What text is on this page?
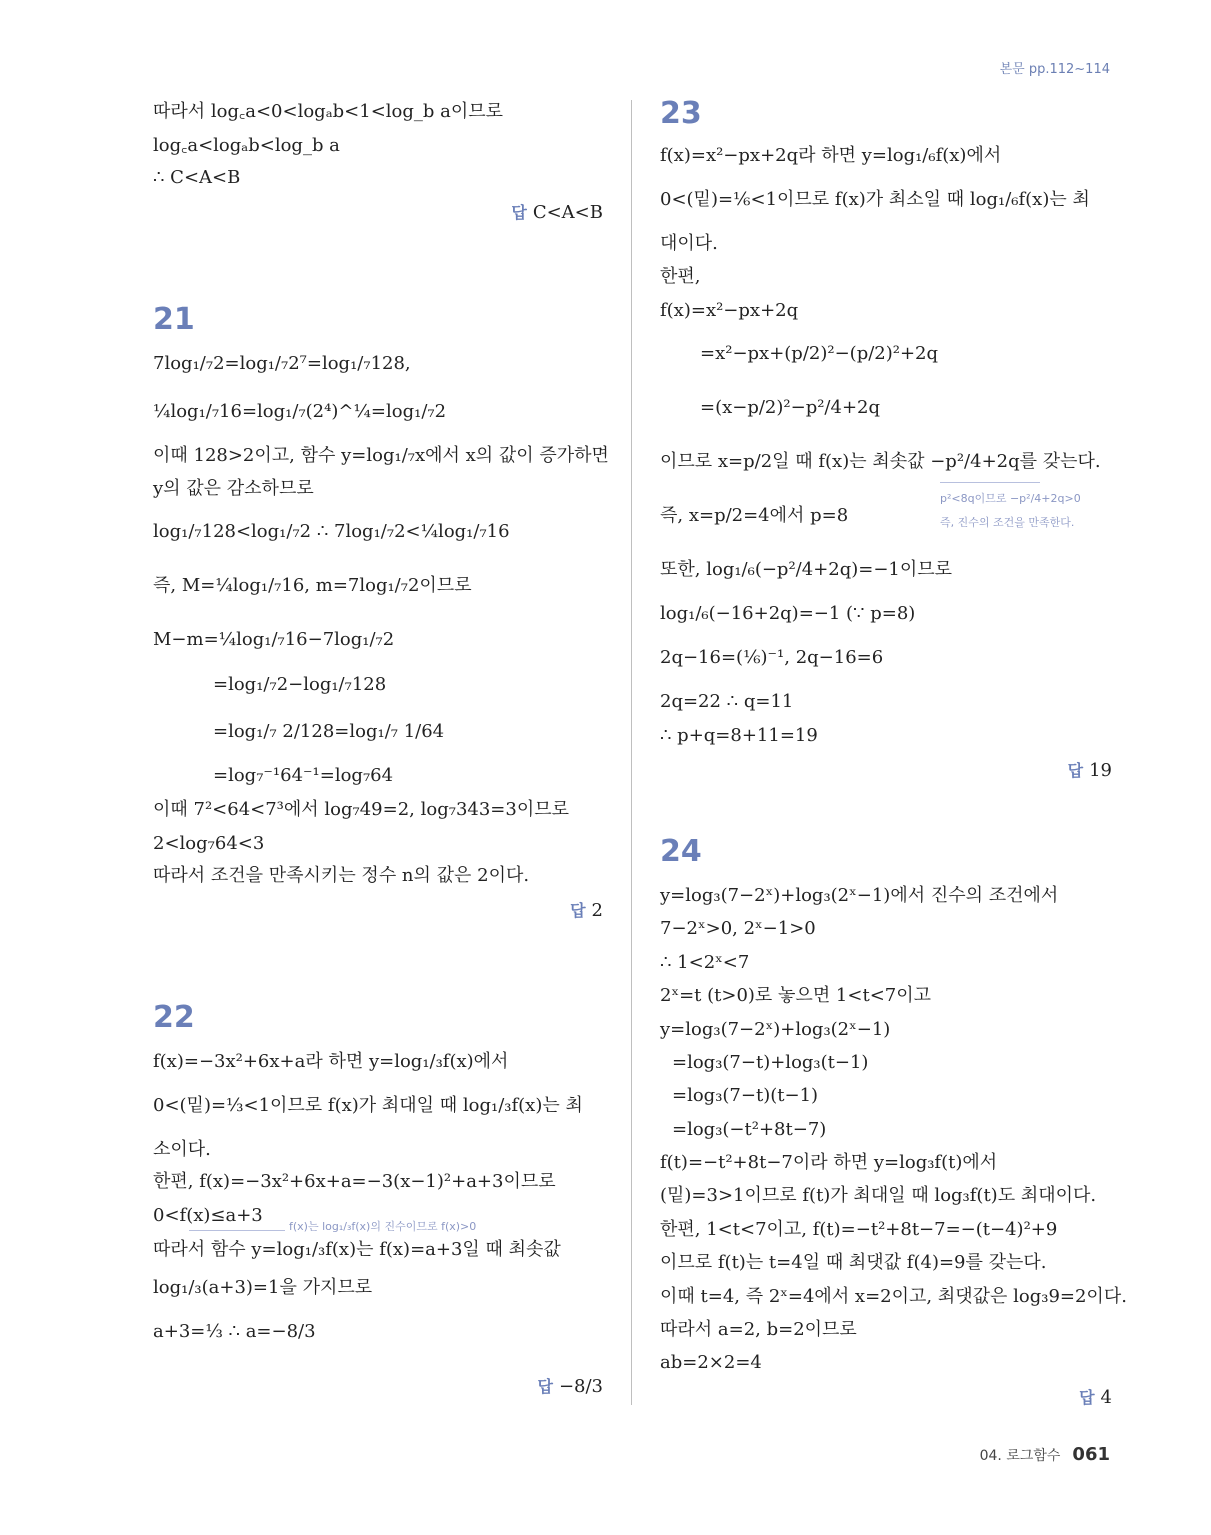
본문 pp.112~114
따라서 log꜀a<0<logₐb<1<log_b a이므로
log꜀a<logₐb<log_b a
∴ C<A<B
답 C<A<B
21
7log₁/₇2=log₁/₇2⁷=log₁/₇128,
¼log₁/₇16=log₁/₇(2⁴)^¼=log₁/₇2
이때 128>2이고, 함수 y=log₁/₇x에서 x의 값이 증가하면
y의 값은 감소하므로
log₁/₇128<log₁/₇2 ∴ 7log₁/₇2<¼log₁/₇16
즉, M=¼log₁/₇16, m=7log₁/₇2이므로
M−m=¼log₁/₇16−7log₁/₇2
=log₁/₇2−log₁/₇128
=log₁/₇ 2/128=log₁/₇ 1/64
=log₇⁻¹64⁻¹=log₇64
이때 7²<64<7³에서 log₇49=2, log₇343=3이므로
2<log₇64<3
따라서 조건을 만족시키는 정수 n의 값은 2이다.
답 2
22
f(x)=−3x²+6x+a라 하면 y=log₁/₃f(x)에서
0<(밑)=⅓<1이므로 f(x)가 최대일 때 log₁/₃f(x)는 최
소이다.
한편, f(x)=−3x²+6x+a=−3(x−1)²+a+3이므로
0<f(x)≤a+3
f(x)는 log₁/₃f(x)의 진수이므로 f(x)>0
따라서 함수 y=log₁/₃f(x)는 f(x)=a+3일 때 최솟값
log₁/₃(a+3)=1을 가지므로
a+3=⅓ ∴ a=−8/3
답 −8/3
23
f(x)=x²−px+2q라 하면 y=log₁/₆f(x)에서
0<(밑)=⅙<1이므로 f(x)가 최소일 때 log₁/₆f(x)는 최
대이다.
한편,
f(x)=x²−px+2q
=x²−px+(p/2)²−(p/2)²+2q
=(x−p/2)²−p²/4+2q
이므로 x=p/2일 때 f(x)는 최솟값 −p²/4+2q를 갖는다.
p²<8q이므로 −p²/4+2q>0
즉, 진수의 조건을 만족한다.
즉, x=p/2=4에서 p=8
또한, log₁/₆(−p²/4+2q)=−1이므로
log₁/₆(−16+2q)=−1 (∵ p=8)
2q−16=(⅙)⁻¹, 2q−16=6
2q=22 ∴ q=11
∴ p+q=8+11=19
답 19
24
y=log₃(7−2ˣ)+log₃(2ˣ−1)에서 진수의 조건에서
7−2ˣ>0, 2ˣ−1>0
∴ 1<2ˣ<7
2ˣ=t (t>0)로 놓으면 1<t<7이고
y=log₃(7−2ˣ)+log₃(2ˣ−1)
=log₃(7−t)+log₃(t−1)
=log₃(7−t)(t−1)
=log₃(−t²+8t−7)
f(t)=−t²+8t−7이라 하면 y=log₃f(t)에서
(밑)=3>1이므로 f(t)가 최대일 때 log₃f(t)도 최대이다.
한편, 1<t<7이고, f(t)=−t²+8t−7=−(t−4)²+9
이므로 f(t)는 t=4일 때 최댓값 f(4)=9를 갖는다.
이때 t=4, 즉 2ˣ=4에서 x=2이고, 최댓값은 log₃9=2이다.
따라서 a=2, b=2이므로
ab=2×2=4
답 4
04. 로그함수 061
